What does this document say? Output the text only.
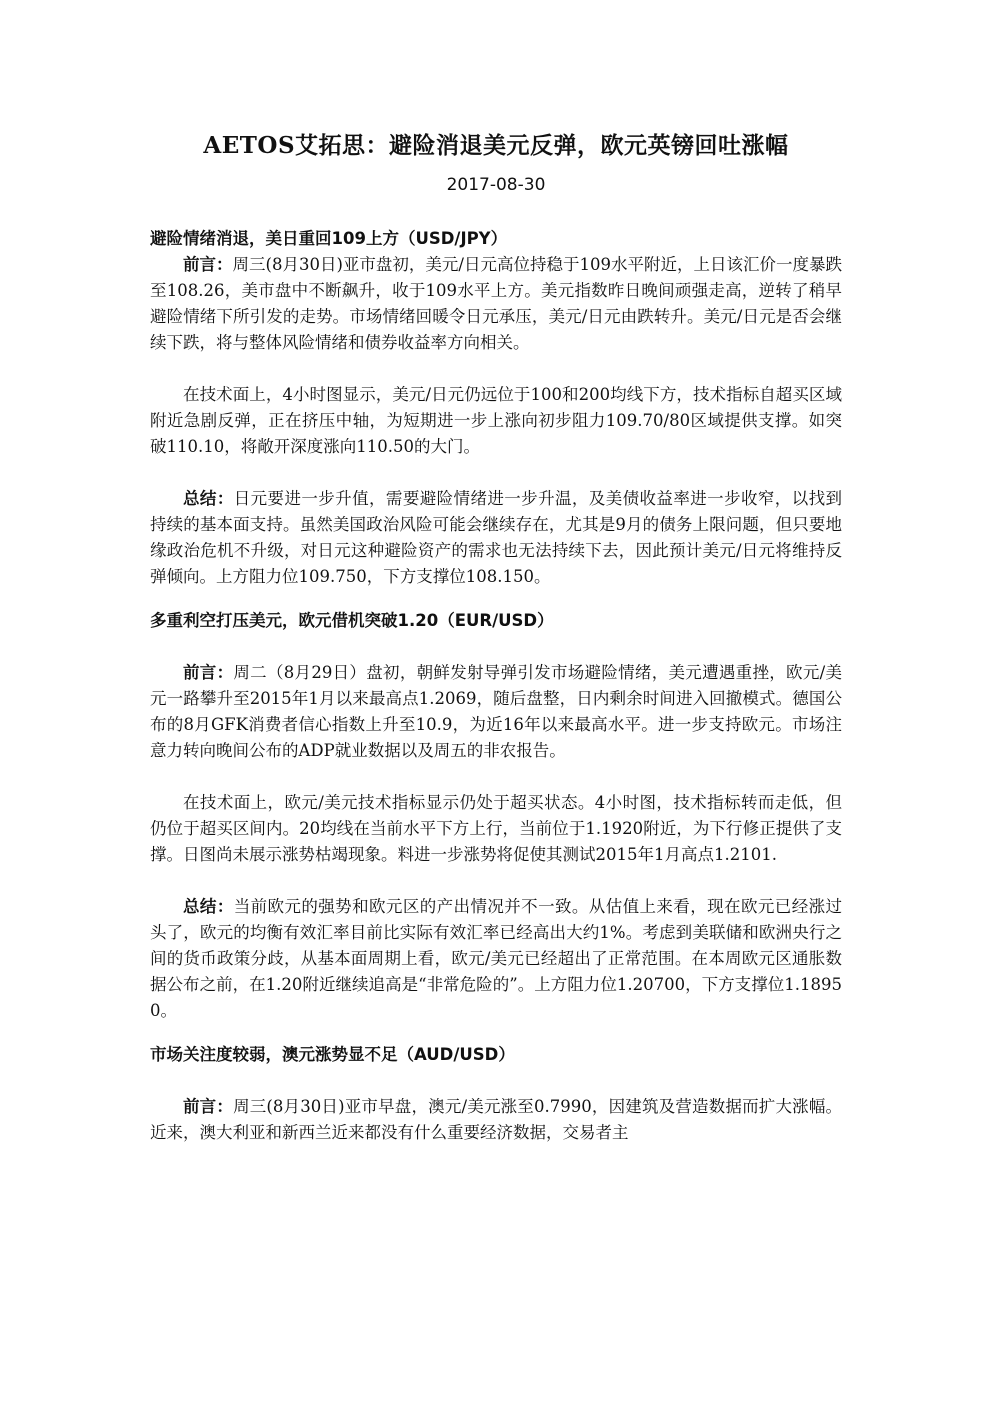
AETOS艾拓思：避险消退美元反弹，欧元英镑回吐涨幅

2017-08-30

避险情绪消退，美日重回109上方（USD/JPY）

前言：周三(8月30日)亚市盘初，美元/日元高位持稳于109水平附近，上日该汇价一度暴跌至108.26，美市盘中不断飙升，收于109水平上方。美元指数昨日晚间顽强走高，逆转了稍早避险情绪下所引发的走势。市场情绪回暖令日元承压，美元/日元由跌转升。美元/日元是否会继续下跌，将与整体风险情绪和债券收益率方向相关。

在技术面上，4小时图显示，美元/日元仍远位于100和200均线下方，技术指标自超买区域附近急剧反弹，正在挤压中轴，为短期进一步上涨向初步阻力109.70/80区域提供支撑。如突破110.10，将敞开深度涨向110.50的大门。

总结：日元要进一步升值，需要避险情绪进一步升温，及美债收益率进一步收窄，以找到持续的基本面支持。虽然美国政治风险可能会继续存在，尤其是9月的债务上限问题，但只要地缘政治危机不升级，对日元这种避险资产的需求也无法持续下去，因此预计美元/日元将维持反弹倾向。上方阻力位109.750，下方支撑位108.150。

多重利空打压美元，欧元借机突破1.20（EUR/USD）

前言：周二（8月29日）盘初，朝鲜发射导弹引发市场避险情绪，美元遭遇重挫，欧元/美元一路攀升至2015年1月以来最高点1.2069，随后盘整，日内剩余时间进入回撤模式。德国公布的8月GFK消费者信心指数上升至10.9，为近16年以来最高水平。进一步支持欧元。市场注意力转向晚间公布的ADP就业数据以及周五的非农报告。

在技术面上，欧元/美元技术指标显示仍处于超买状态。4小时图，技术指标转而走低，但仍位于超买区间内。20均线在当前水平下方上行，当前位于1.1920附近，为下行修正提供了支撑。日图尚未展示涨势枯竭现象。料进一步涨势将促使其测试2015年1月高点1.2101.

总结：当前欧元的强势和欧元区的产出情况并不一致。从估值上来看，现在欧元已经涨过头了，欧元的均衡有效汇率目前比实际有效汇率已经高出大约1%。考虑到美联储和欧洲央行之间的货币政策分歧，从基本面周期上看，欧元/美元已经超出了正常范围。在本周欧元区通胀数据公布之前，在1.20附近继续追高是“非常危险的”。上方阻力位1.20700，下方支撑位1.18950。

市场关注度较弱，澳元涨势显不足（AUD/USD）

前言：周三(8月30日)亚市早盘，澳元/美元涨至0.7990，因建筑及营造数据而扩大涨幅。近来，澳大利亚和新西兰近来都没有什么重要经济数据，交易者主
